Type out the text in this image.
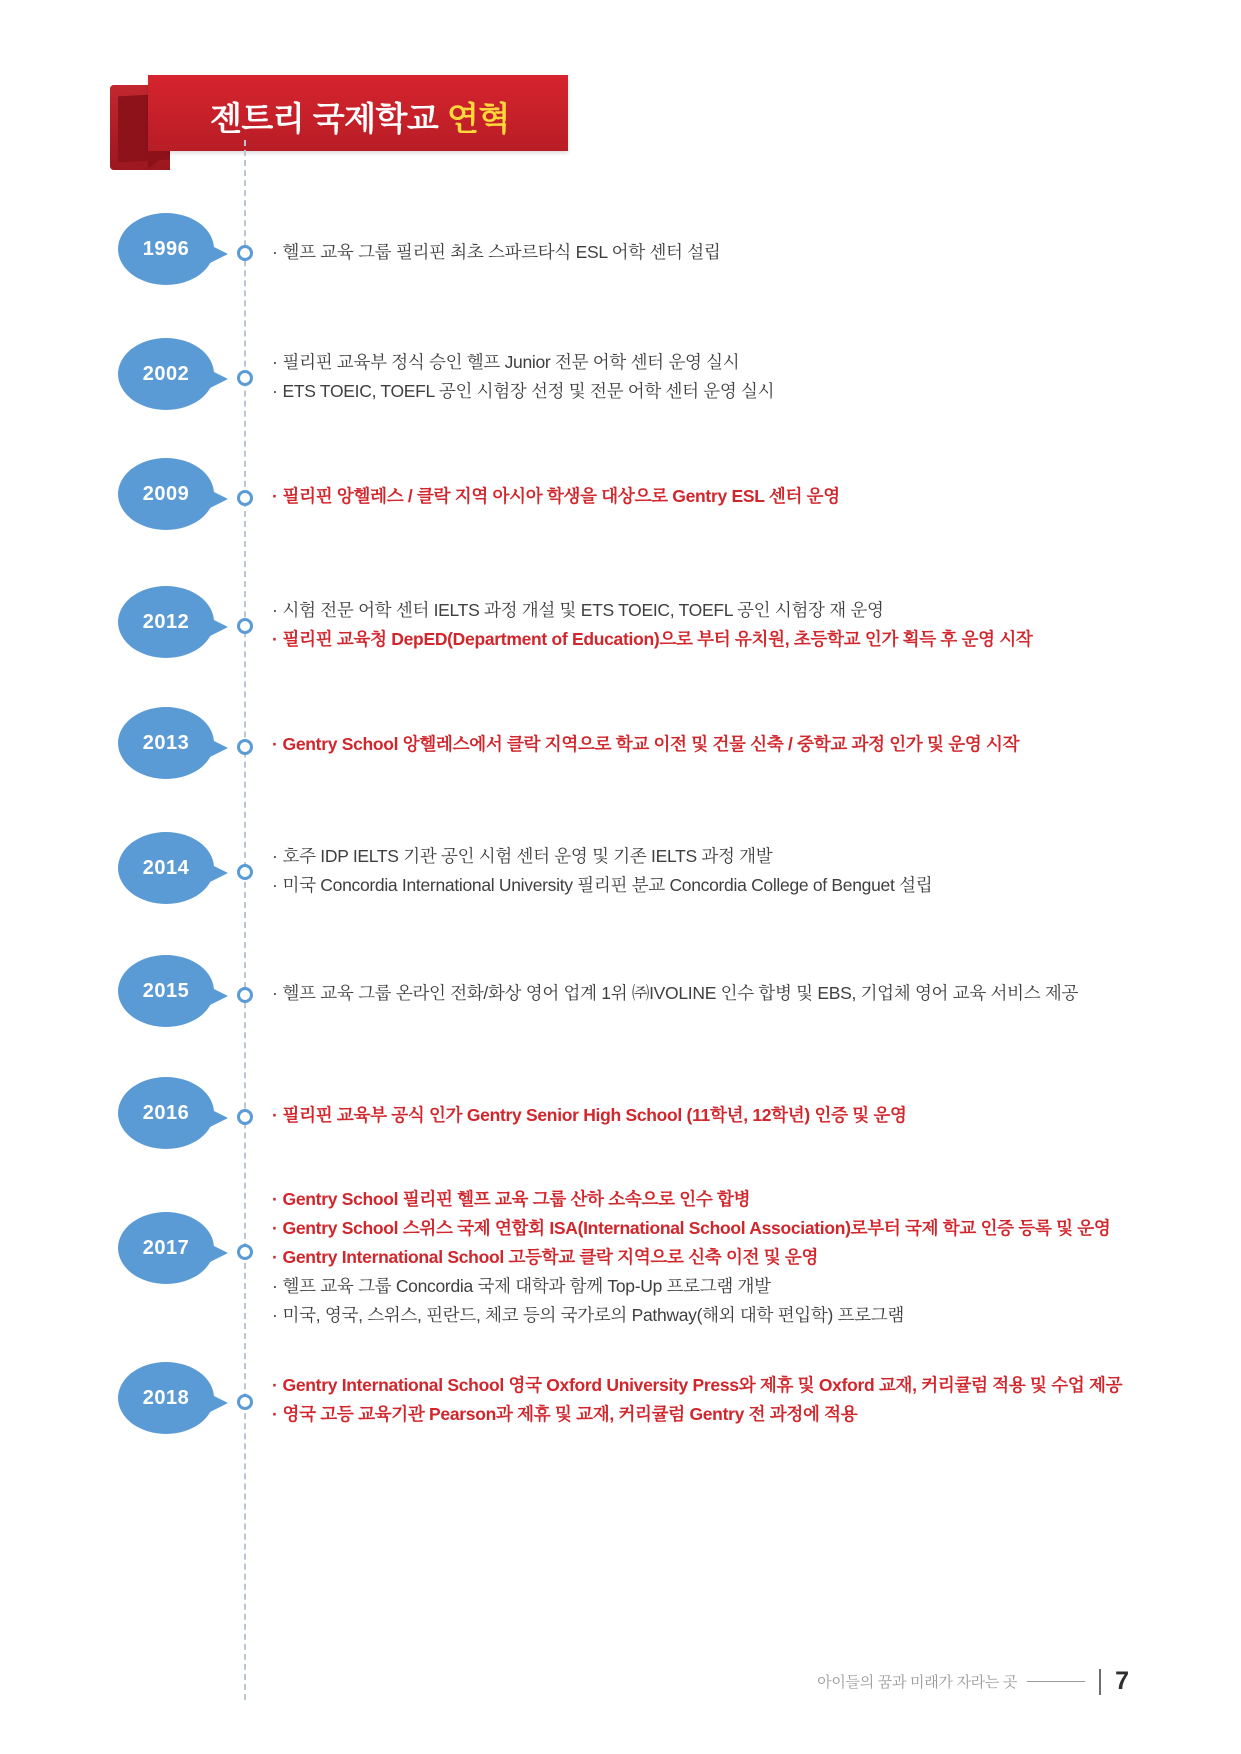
젠트리 국제학교 연혁
1996	· 헬프 교육 그룹 필리핀 최초 스파르타식 ESL 어학 센터 설립
2002
· 필리핀 교육부 정식 승인 헬프 Junior 전문 어학 센터 운영 실시
· ETS TOEIC, TOEFL 공인 시험장 선정 및 전문 어학 센터 운영 실시
2009	· 필리핀 앙헬레스 / 클락 지역 아시아 학생을 대상으로 Gentry ESL 센터 운영
2012
· 시험 전문 어학 센터 IELTS 과정 개설 및 ETS TOEIC, TOEFL 공인 시험장 재 운영
· 필리핀 교육청 DepED(Department of Education)으로 부터 유치원, 초등학교 인가 획득 후 운영 시작
2013	· Gentry School 앙헬레스에서 클락 지역으로 학교 이전 및 건물 신축 / 중학교 과정 인가 및 운영 시작
2014
· 호주 IDP IELTS 기관 공인 시험 센터 운영 및 기존 IELTS 과정 개발
· 미국 Concordia International University 필리핀 분교 Concordia College of Benguet 설립
2015	· 헬프 교육 그룹 온라인 전화/화상 영어 업계 1위 ㈜IVOLINE 인수 합병 및 EBS, 기업체 영어 교육 서비스 제공
2016	· 필리핀 교육부 공식 인가 Gentry Senior High School (11학년, 12학년) 인증 및 운영
2017
· Gentry School 필리핀 헬프 교육 그룹 산하 소속으로 인수 합병
· Gentry School 스위스 국제 연합회 ISA(International School Association)로부터 국제 학교 인증 등록 및 운영
· Gentry International School 고등학교 클락 지역으로 신축 이전 및 운영
· 헬프 교육 그룹 Concordia 국제 대학과 함께 Top-Up 프로그램 개발
· 미국, 영국, 스위스, 핀란드, 체코 등의 국가로의 Pathway(해외 대학 편입학) 프로그램
2018
· Gentry International School 영국 Oxford University Press와 제휴 및 Oxford 교재, 커리큘럼 적용 및 수업 제공
· 영국 고등 교육기관 Pearson과 제휴 및 교재, 커리큘럼 Gentry 전 과정에 적용
아이들의 꿈과 미래가 자라는 곳	7
